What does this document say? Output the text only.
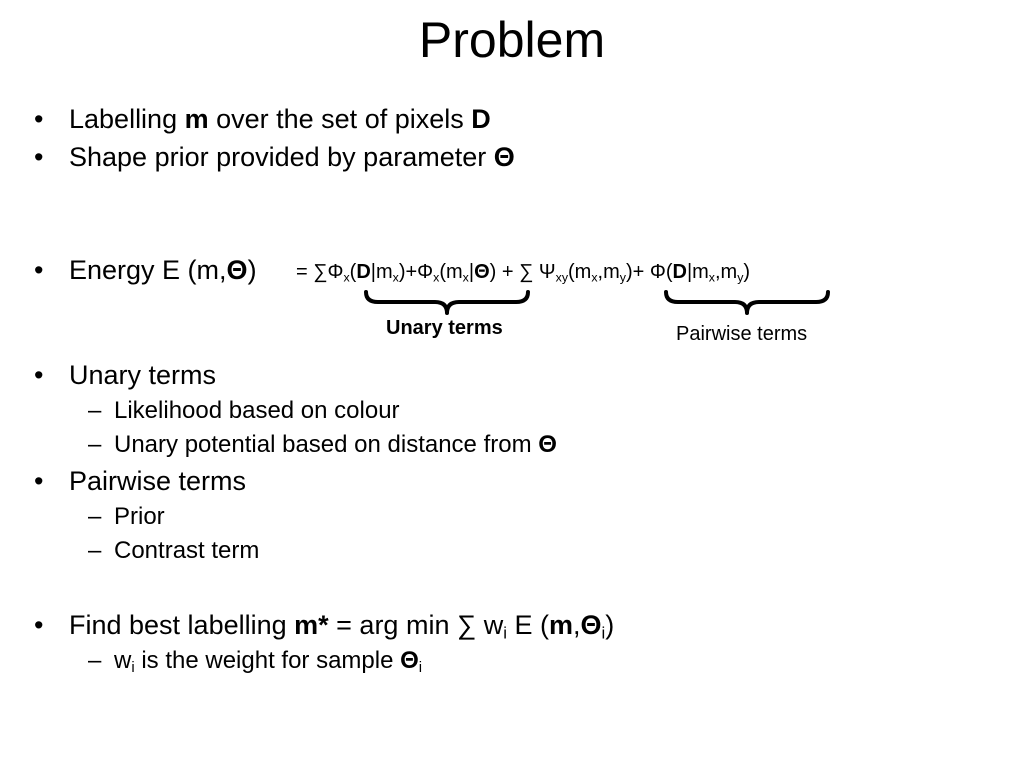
Problem
• Labelling m over the set of pixels D
• Shape prior provided by parameter Θ
• Energy E $(m,\Theta) = \sum\Phi_x(D|m_x)+\Phi_x(m_x|\Theta)$ + ∑ $\Psi_{xy}(m_x,m_y)+ \Phi(D|m_x,m_y)$
Unary terms	Pairwise terms
• Unary terms
– Likelihood based on colour
– Unary potential based on distance from Θ
• Pairwise terms
– Prior
– Contrast term
• Find best labelling m* = arg min ∑ $w_i$ E $(m,\Theta_i)$
– $w_i$ is the weight for sample $\Theta_i$
